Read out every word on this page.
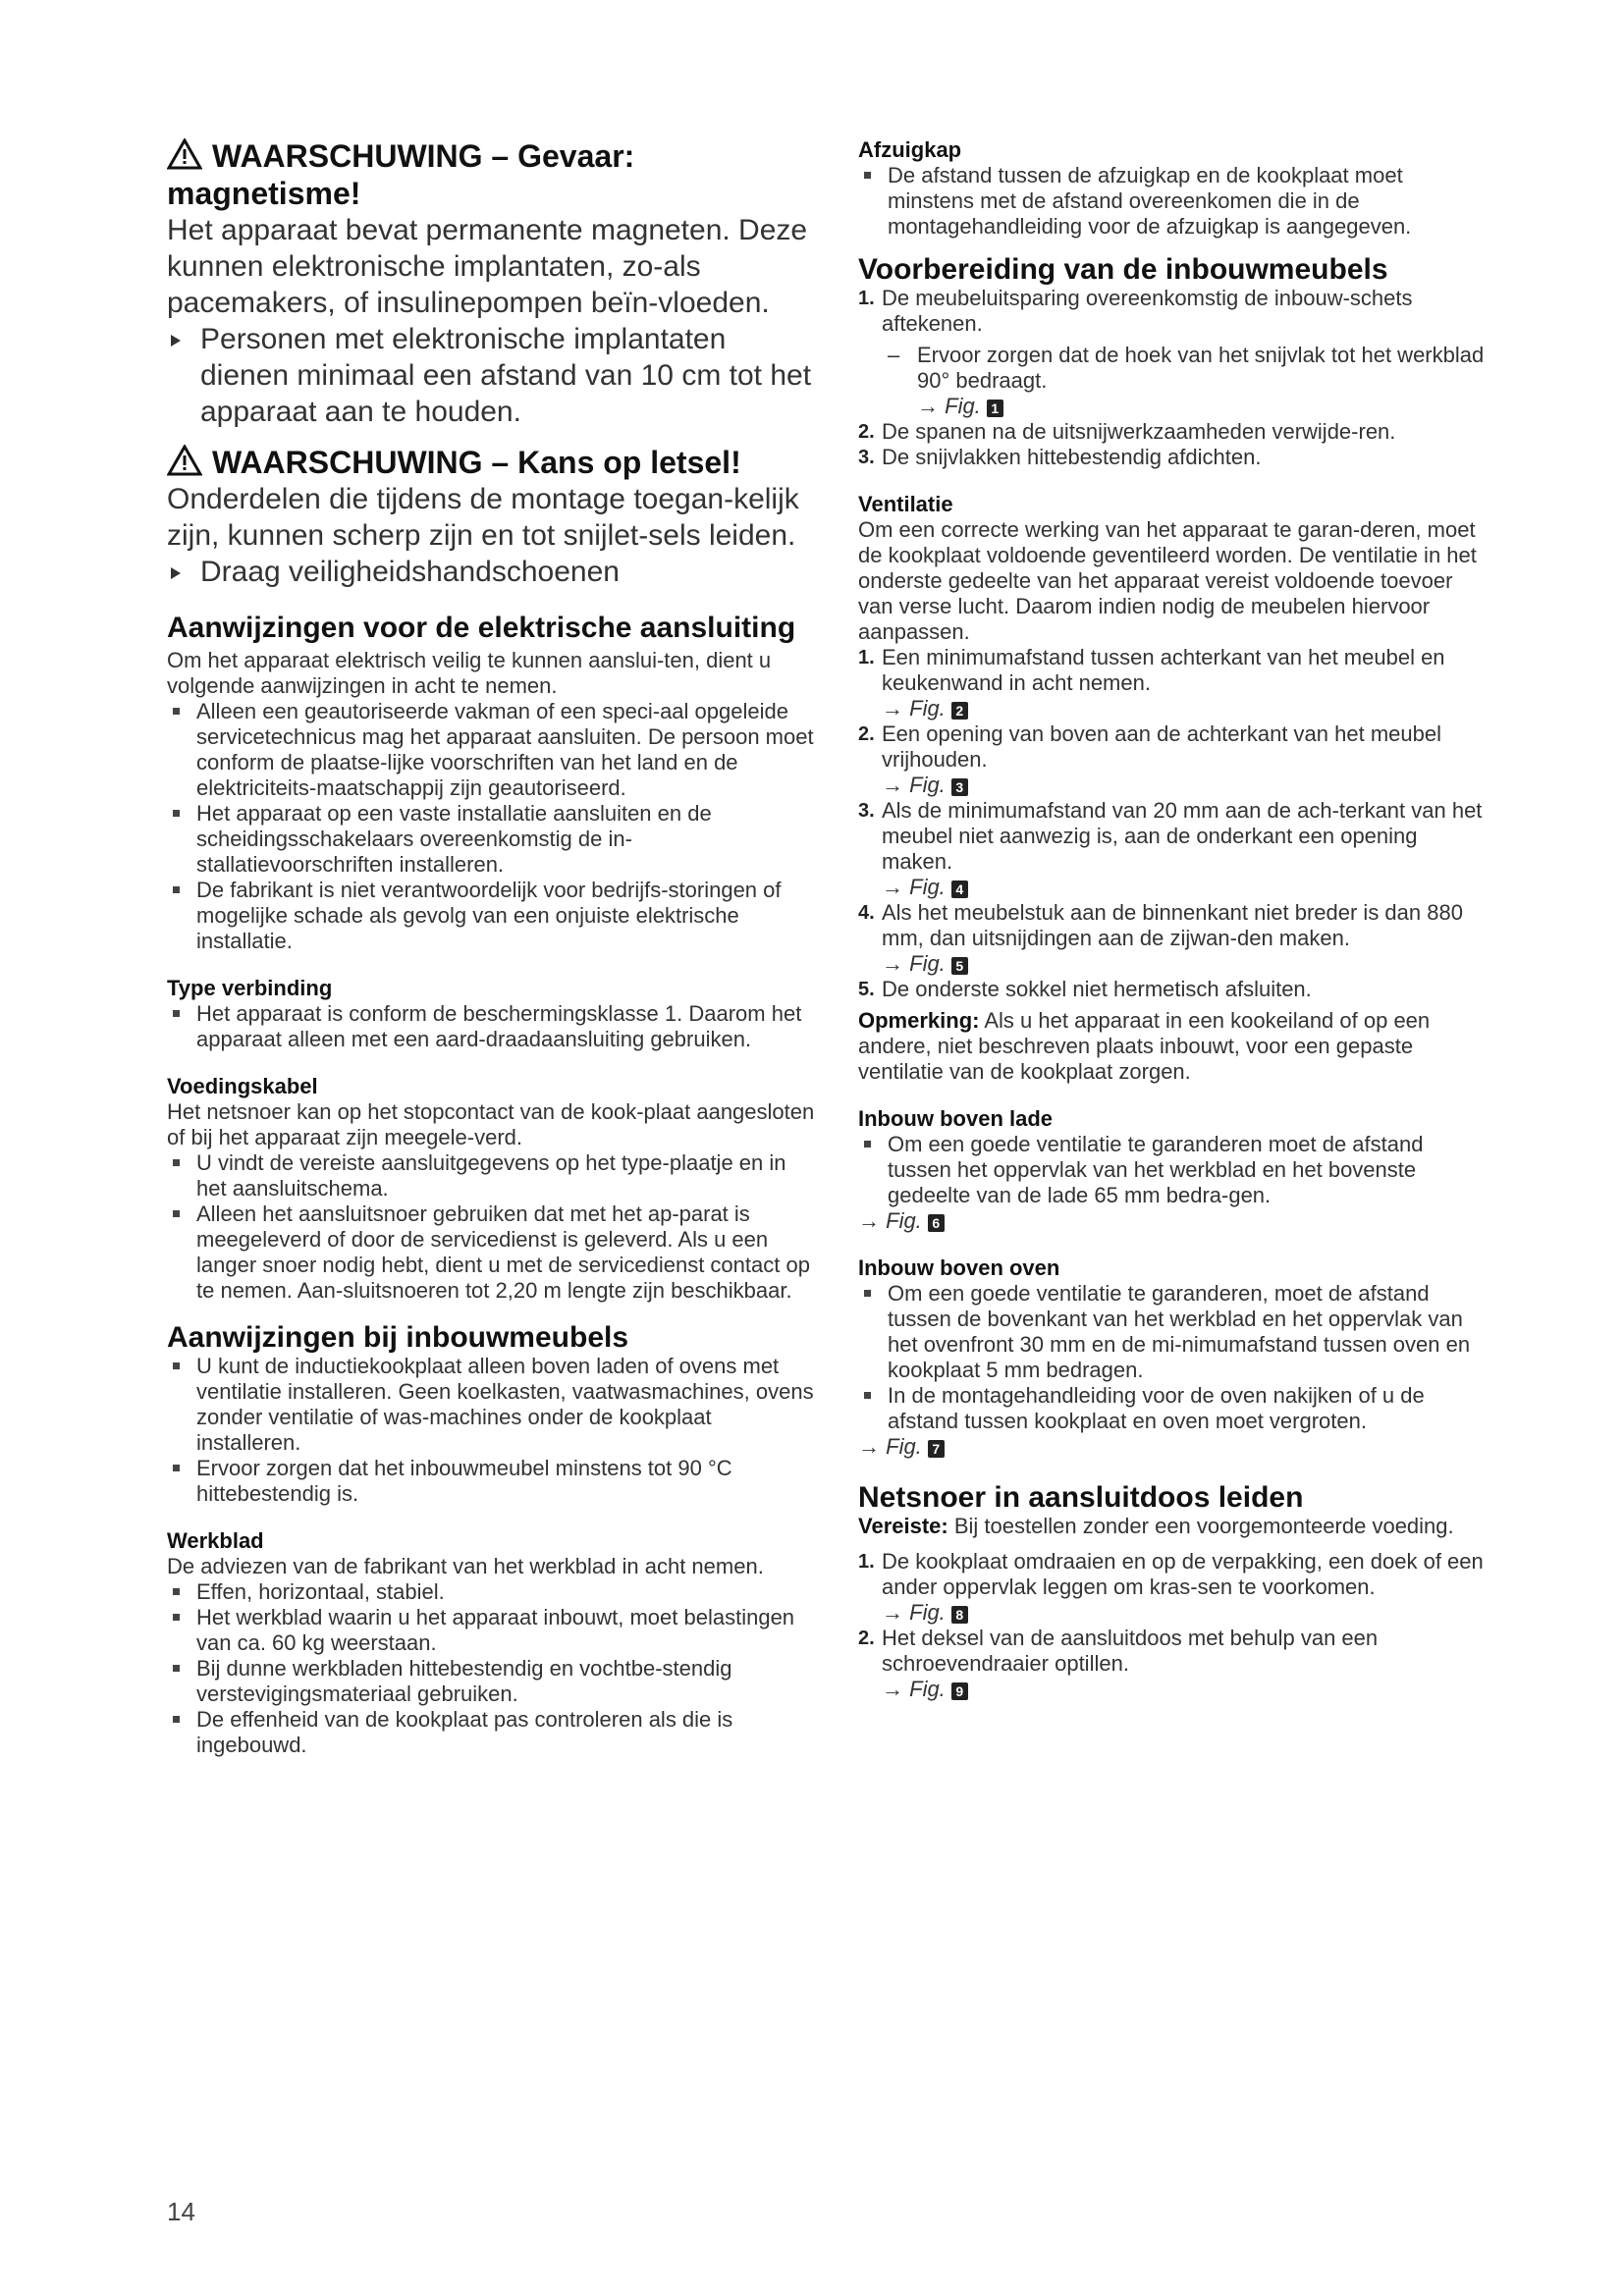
WAARSCHUWING – Gevaar: magnetisme!

Het apparaat bevat permanente magneten. Deze kunnen elektronische implantaten, zo-als pacemakers, of insulinepompen beïn-vloeden.

Personen met elektronische implantaten dienen minimaal een afstand van 10 cm tot het apparaat aan te houden.
WAARSCHUWING – Kans op letsel!

Onderdelen die tijdens de montage toegan-kelijk zijn, kunnen scherp zijn en tot snijlet-sels leiden.

Draag veiligheidshandschoenen
Aanwijzingen voor de elektrische aansluiting

Om het apparaat elektrisch veilig te kunnen aanslui-ten, dient u volgende aanwijzingen in acht te nemen.

Alleen een geautoriseerde vakman of een speci-aal opgeleide servicetechnicus mag het apparaat aansluiten. De persoon moet conform de plaatse-lijke voorschriften van het land en de elektriciteits-maatschappij zijn geautoriseerd.
Het apparaat op een vaste installatie aansluiten en de scheidingsschakelaars overeenkomstig de in-stallatievoorschriften installeren.
De fabrikant is niet verantwoordelijk voor bedrijfs-storingen of mogelijke schade als gevolg van een onjuiste elektrische installatie.
Type verbinding
Het apparaat is conform de beschermingsklasse 1. Daarom het apparaat alleen met een aard-draadaansluiting gebruiken.
Voedingskabel

Het netsnoer kan op het stopcontact van de kook-plaat aangesloten of bij het apparaat zijn meegele-verd.

U vindt de vereiste aansluitgegevens op het type-plaatje en in het aansluitschema.
Alleen het aansluitsnoer gebruiken dat met het ap-parat is meegeleverd of door de servicedienst is geleverd. Als u een langer snoer nodig hebt, dient u met de servicedienst contact op te nemen. Aan-sluitsnoeren tot 2,20 m lengte zijn beschikbaar.
Aanwijzingen bij inbouwmeubels
U kunt de inductiekookplaat alleen boven laden of ovens met ventilatie installeren. Geen koelkasten, vaatwasmachines, ovens zonder ventilatie of was-machines onder de kookplaat installeren.
Ervoor zorgen dat het inbouwmeubel minstens tot 90 °C hittebestendig is.
Werkblad

De adviezen van de fabrikant van het werkblad in acht nemen.

Effen, horizontaal, stabiel.
Het werkblad waarin u het apparaat inbouwt, moet belastingen van ca. 60 kg weerstaan.
Bij dunne werkbladen hittebestendig en vochtbe-stendig verstevigingsmateriaal gebruiken.
De effenheid van de kookplaat pas controleren als die is ingebouwd.
Afzuigkap
De afstand tussen de afzuigkap en de kookplaat moet minstens met de afstand overeenkomen die in de montagehandleiding voor de afzuigkap is aangegeven.
Voorbereiding van de inbouwmeubels
1. De meubeluitsparing overeenkomstig de inbouw-schets aftekenen.
– Ervoor zorgen dat de hoek van het snijvlak tot het werkblad 90° bedraagt.
→ Fig. 1
2. De spanen na de uitsnijwerkzaamheden verwijde-ren.
3. De snijvlakken hittebestendig afdichten.
Ventilatie

Om een correcte werking van het apparaat te garan-deren, moet de kookplaat voldoende geventileerd worden. De ventilatie in het onderste gedeelte van het apparaat vereist voldoende toevoer van verse lucht. Daarom indien nodig de meubelen hiervoor aanpassen.

1. Een minimumafstand tussen achterkant van het meubel en keukenwand in acht nemen.
→ Fig. 2
2. Een opening van boven aan de achterkant van het meubel vrijhouden.
→ Fig. 3
3. Als de minimumafstand van 20 mm aan de ach-terkant van het meubel niet aanwezig is, aan de onderkant een opening maken.
→ Fig. 4
4. Als het meubelstuk aan de binnenkant niet breder is dan 880 mm, dan uitsnijdingen aan de zijwan-den maken.
→ Fig. 5
5. De onderste sokkel niet hermetisch afsluiten.

Opmerking: Als u het apparaat in een kookeiland of op een andere, niet beschreven plaats inbouwt, voor een gepaste ventilatie van de kookplaat zorgen.

Inbouw boven lade
Om een goede ventilatie te garanderen moet de afstand tussen het oppervlak van het werkblad en het bovenste gedeelte van de lade 65 mm bedra-gen.
→ Fig. 6
Inbouw boven oven
Om een goede ventilatie te garanderen, moet de afstand tussen de bovenkant van het werkblad en het oppervlak van het ovenfront 30 mm en de mi-nimumafstand tussen oven en kookplaat 5 mm bedragen.
In de montagehandleiding voor de oven nakijken of u de afstand tussen kookplaat en oven moet vergroten.
→ Fig. 7
Netsnoer in aansluitdoos leiden

Vereiste: Bij toestellen zonder een voorgemonteerde voeding.

1. De kookplaat omdraaien en op de verpakking, een doek of een ander oppervlak leggen om kras-sen te voorkomen.
→ Fig. 8
2. Het deksel van de aansluitdoos met behulp van een schroevendraaier optillen.
→ Fig. 9
14
